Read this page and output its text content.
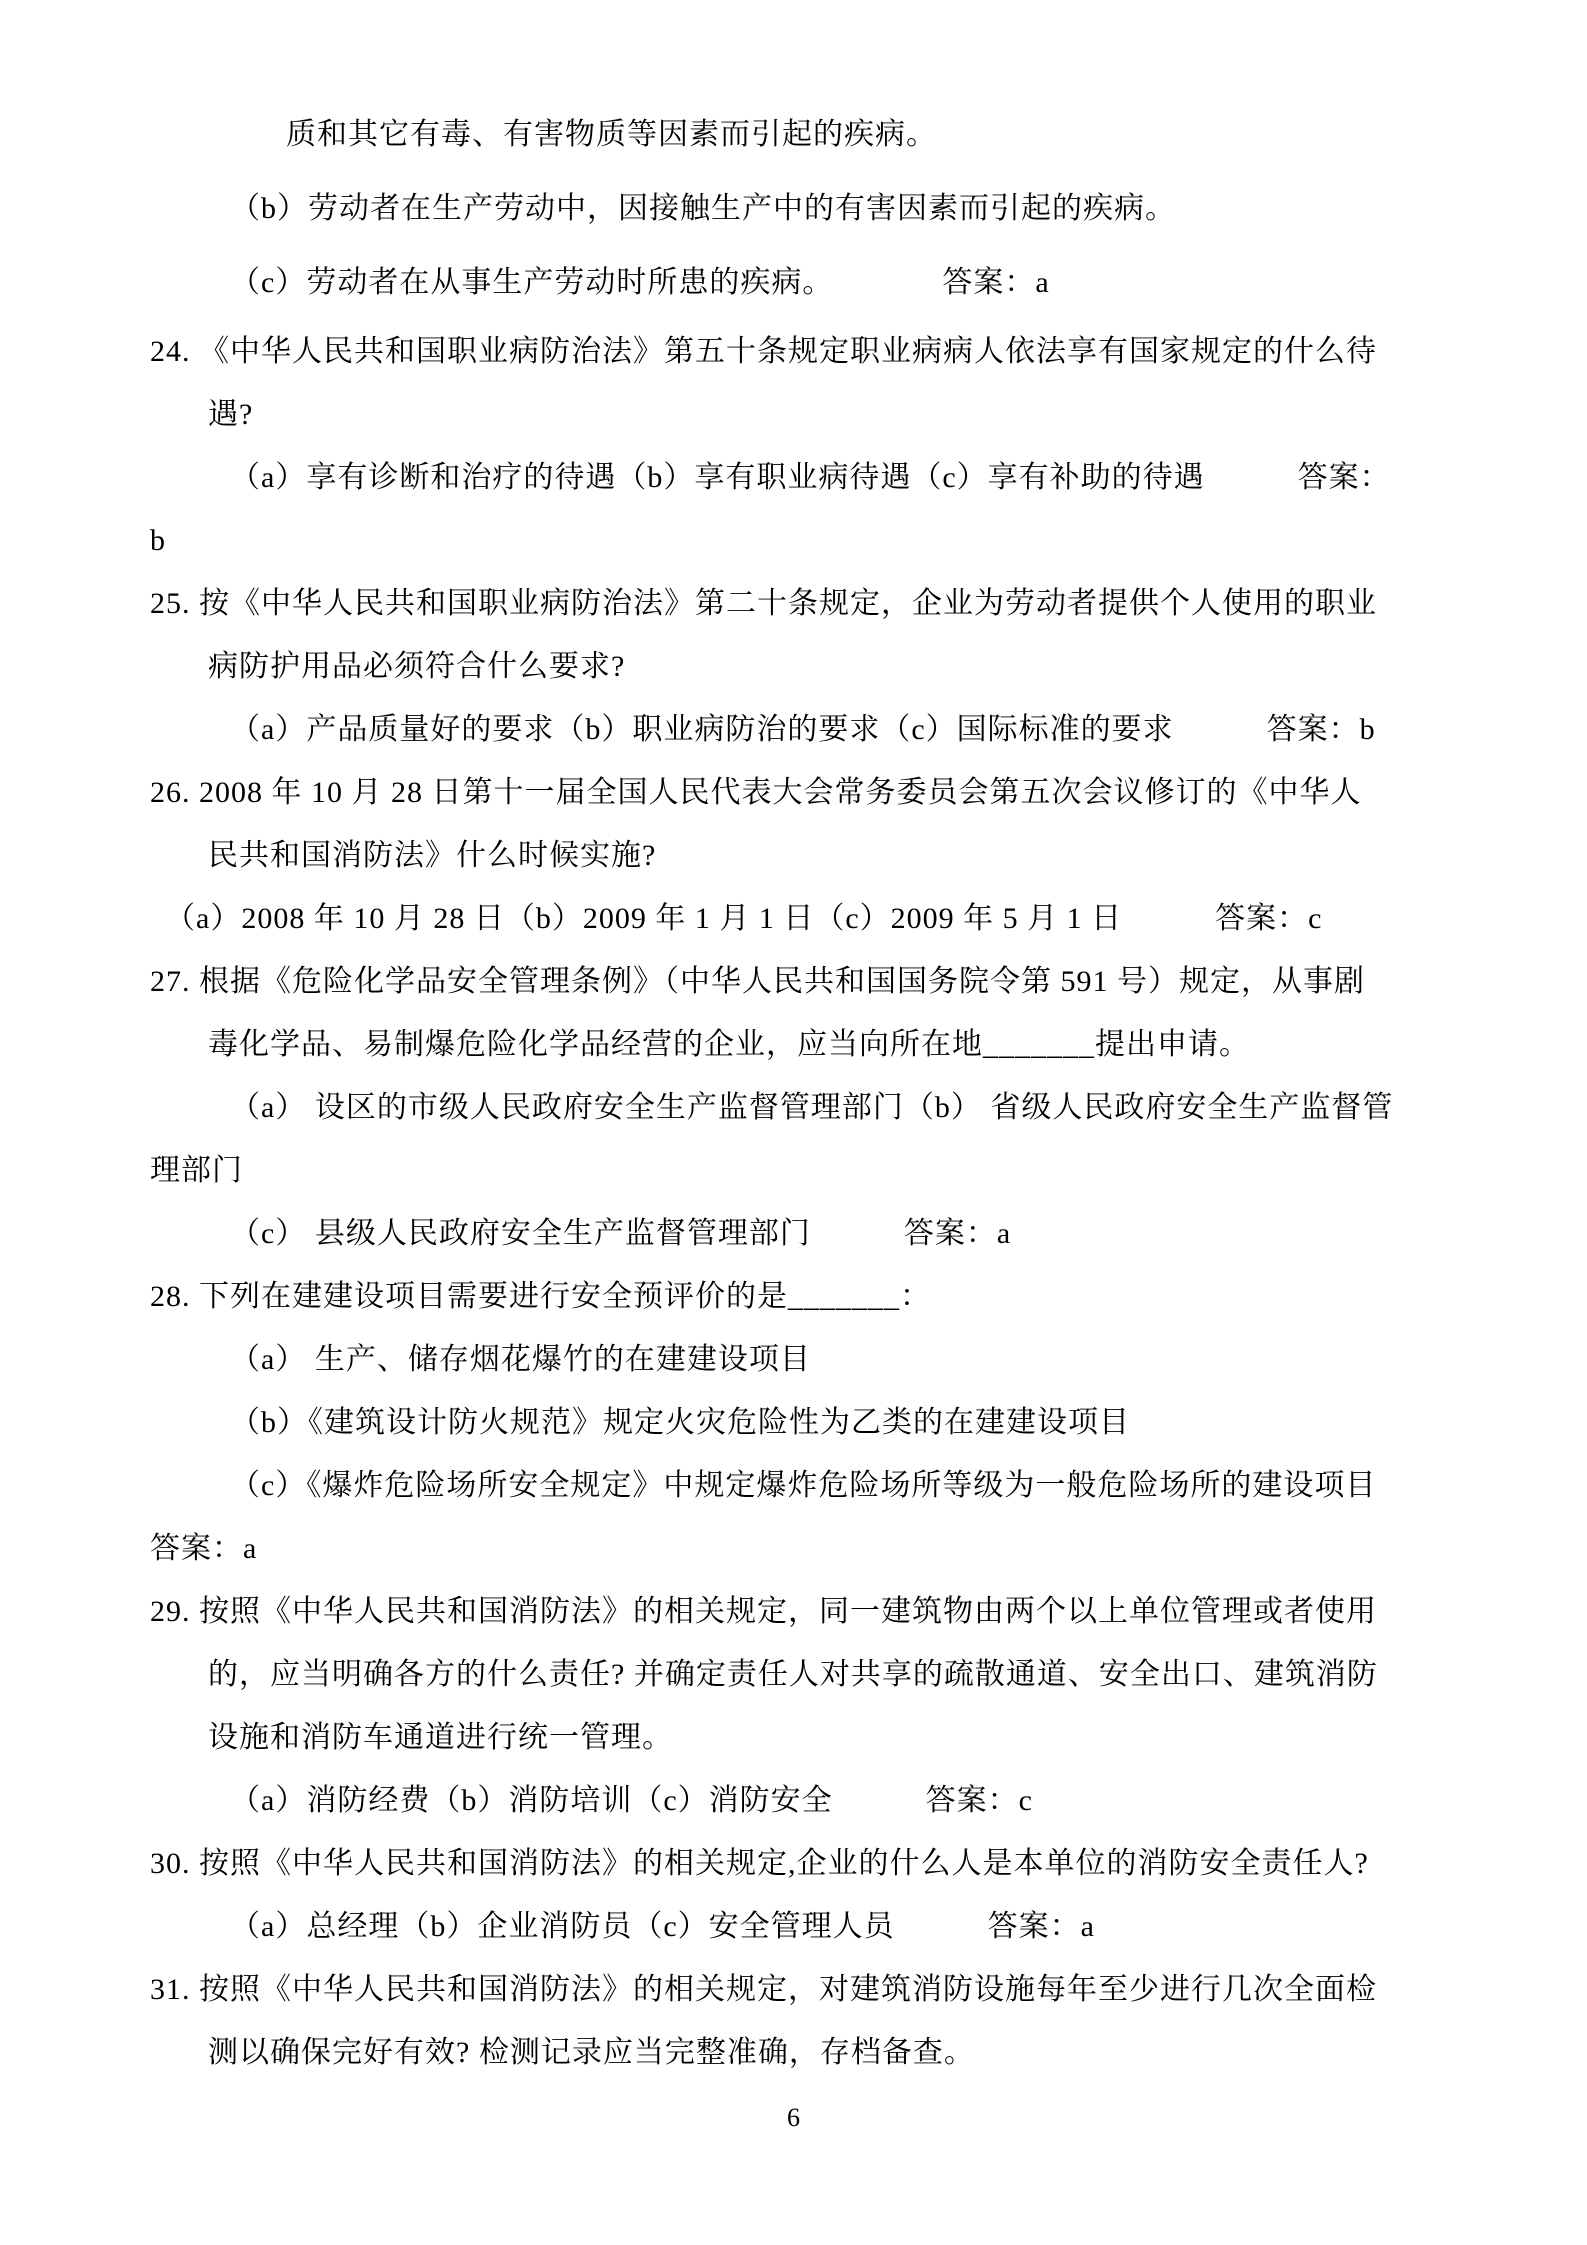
质和其它有毒、有害物质等因素而引起的疾病。
（b）劳动者在生产劳动中，因接触生产中的有害因素而引起的疾病。
（c）劳动者在从事生产劳动时所患的疾病。　　　　答案：a
24. 《中华人民共和国职业病防治法》第五十条规定职业病病人依法享有国家规定的什么待
遇?
（a）享有诊断和治疗的待遇（b）享有职业病待遇（c）享有补助的待遇　　　答案：
b
25. 按《中华人民共和国职业病防治法》第二十条规定，企业为劳动者提供个人使用的职业
病防护用品必须符合什么要求?
（a）产品质量好的要求（b）职业病防治的要求（c）国际标准的要求　　　答案：b
26. 2008 年 10 月 28 日第十一届全国人民代表大会常务委员会第五次会议修订的《中华人
民共和国消防法》什么时候实施?
（a）2008 年 10 月 28 日（b）2009 年 1 月 1 日（c）2009 年 5 月 1 日　　　答案：c
27. 根据《危险化学品安全管理条例》（中华人民共和国国务院令第 591 号）规定，从事剧
毒化学品、易制爆危险化学品经营的企业，应当向所在地_______提出申请。
（a） 设区的市级人民政府安全生产监督管理部门（b） 省级人民政府安全生产监督管
理部门
（c） 县级人民政府安全生产监督管理部门　　　答案：a
28. 下列在建建设项目需要进行安全预评价的是_______：
（a） 生产、储存烟花爆竹的在建建设项目
（b）《建筑设计防火规范》规定火灾危险性为乙类的在建建设项目
（c）《爆炸危险场所安全规定》中规定爆炸危险场所等级为一般危险场所的建设项目
答案：a
29. 按照《中华人民共和国消防法》的相关规定，同一建筑物由两个以上单位管理或者使用
的，应当明确各方的什么责任? 并确定责任人对共享的疏散通道、安全出口、建筑消防
设施和消防车通道进行统一管理。
（a）消防经费（b）消防培训（c）消防安全　　　答案：c
30. 按照《中华人民共和国消防法》的相关规定,企业的什么人是本单位的消防安全责任人?
（a）总经理（b）企业消防员（c）安全管理人员　　　答案：a
31. 按照《中华人民共和国消防法》的相关规定，对建筑消防设施每年至少进行几次全面检
测以确保完好有效? 检测记录应当完整准确，存档备查。
6
